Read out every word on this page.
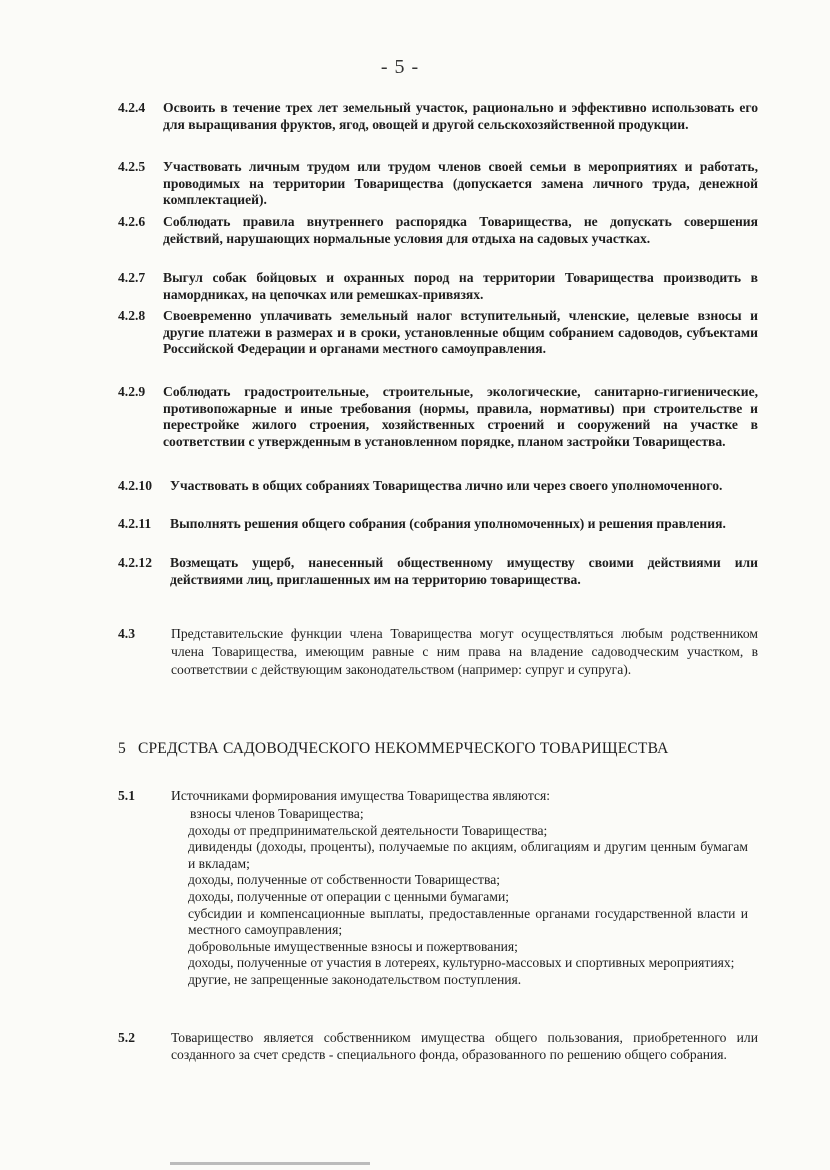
- 5 -
4.2.4	Освоить в течение трех лет земельный участок, рационально и эффективно использовать его для выращивания фруктов, ягод, овощей и другой сельскохозяйственной продукции.
4.2.5	Участвовать личным трудом или трудом членов своей семьи в мероприятиях и работать, проводимых на территории Товарищества (допускается замена личного труда, денежной комплектацией).
4.2.6	Соблюдать правила внутреннего распорядка Товарищества, не допускать совершения действий, нарушающих нормальные условия для отдыха на садовых участках.
4.2.7	Выгул собак бойцовых и охранных пород на территории Товарищества производить в намордниках, на цепочках или ремешках-привязях.
4.2.8	Своевременно уплачивать земельный налог вступительный, членские, целевые взносы и другие платежи в размерах и в сроки, установленные общим собранием садоводов, субъектами Российской Федерации и органами местного самоуправления.
4.2.9	Соблюдать градостроительные, строительные, экологические, санитарно-гигиенические, противопожарные и иные требования (нормы, правила, нормативы) при строительстве и перестройке жилого строения, хозяйственных строений и сооружений на участке в соответствии с утвержденным в установленном порядке, планом застройки Товарищества.
4.2.10	Участвовать в общих собраниях Товарищества лично или через своего уполномоченного.
4.2.11	Выполнять решения общего собрания (собрания уполномоченных) и решения правления.
4.2.12	Возмещать ущерб, нанесенный общественному имуществу своими действиями или действиями лиц, приглашенных им на территорию товарищества.
4.3	Представительские функции члена Товарищества могут осуществляться любым родственником члена Товарищества, имеющим равные с ним права на владение садоводческим участком, в соответствии с действующим законодательством (например: супруг и супруга).
5 СРЕДСТВА САДОВОДЧЕСКОГО НЕКОММЕРЧЕСКОГО ТОВАРИЩЕСТВА
5.1	Источниками формирования имущества Товарищества являются:
взносы членов Товарищества;
доходы от предпринимательской деятельности Товарищества;
дивиденды (доходы, проценты), получаемые по акциям, облигациям и другим ценным бумагам и вкладам;
доходы, полученные от собственности Товарищества;
доходы, полученные от операции с ценными бумагами;
субсидии и компенсационные выплаты, предоставленные органами государственной власти и местного самоуправления;
добровольные имущественные взносы и пожертвования;
доходы, полученные от участия в лотереях, культурно-массовых и спортивных мероприятиях;
другие, не запрещенные законодательством поступления.
5.2	Товарищество является собственником имущества общего пользования, приобретенного или созданного за счет средств - специального фонда, образованного по решению общего собрания.
